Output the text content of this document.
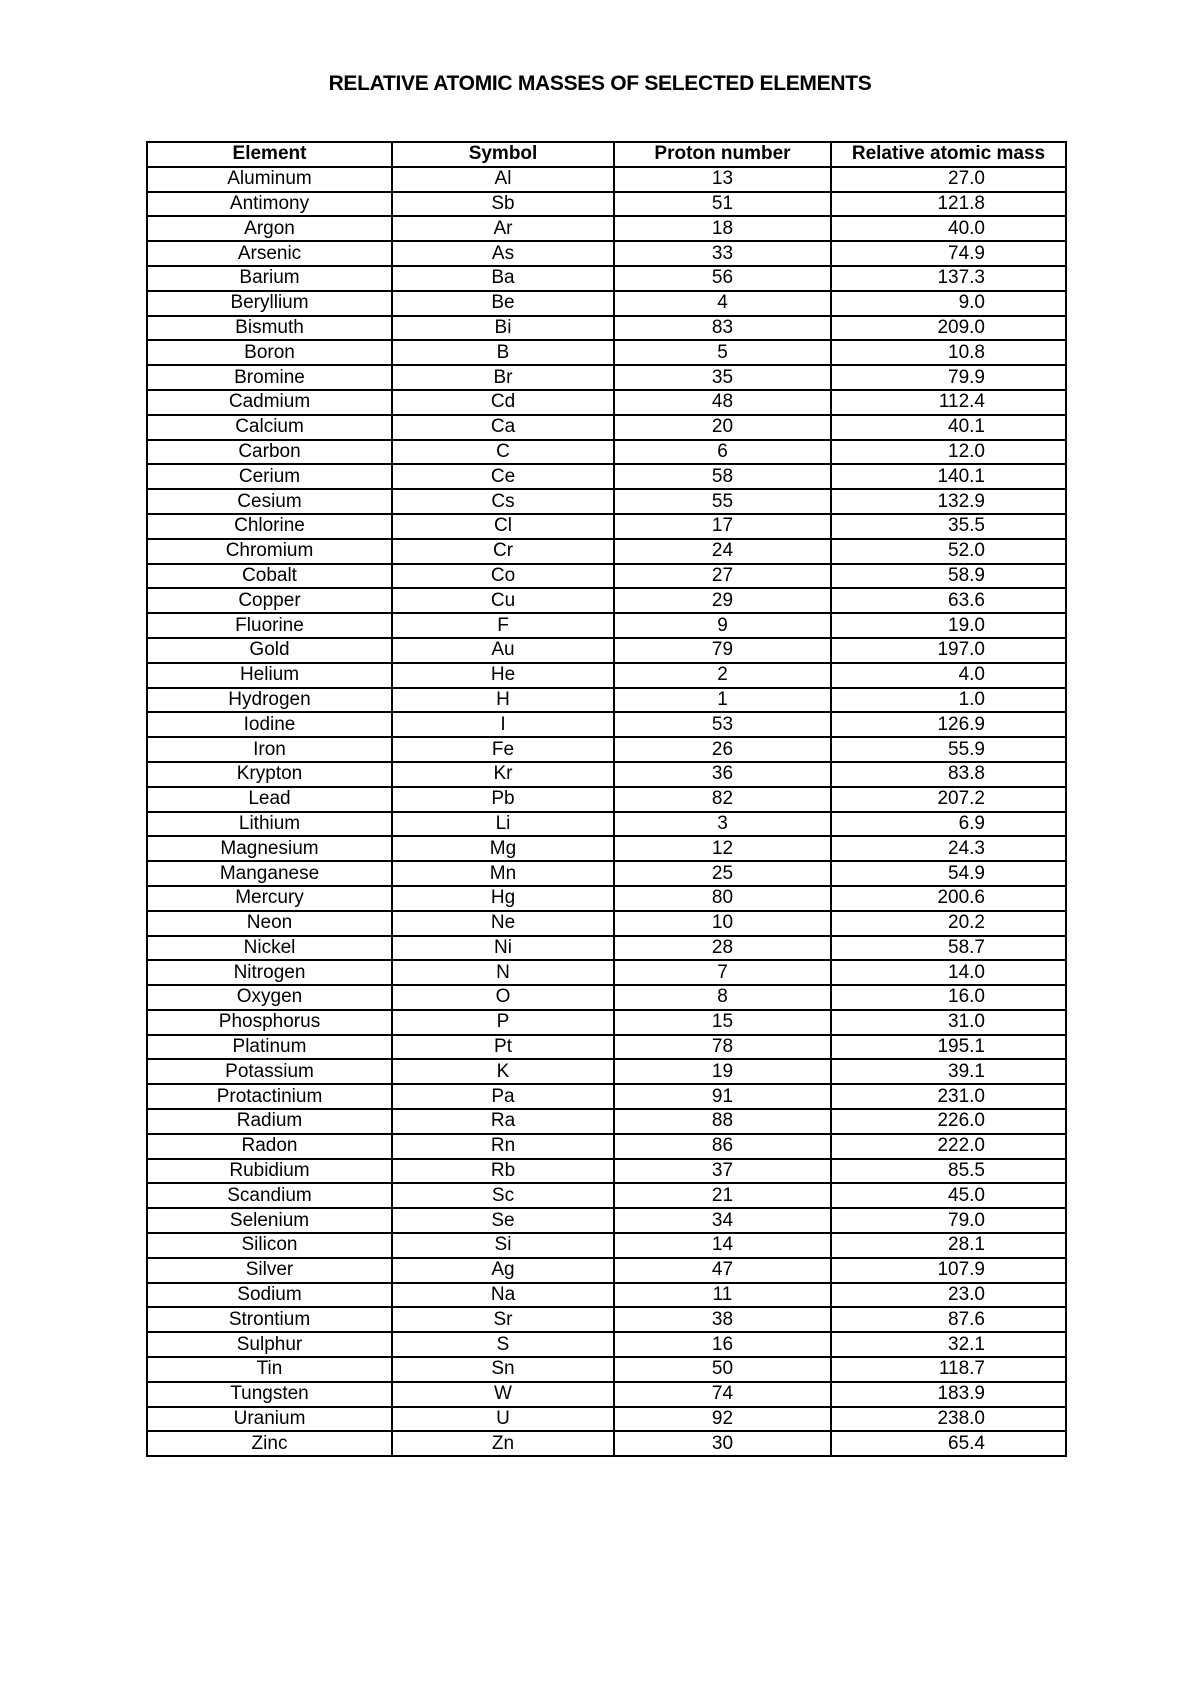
RELATIVE ATOMIC MASSES OF SELECTED ELEMENTS
Element	Symbol	Proton number	Relative atomic mass
Aluminum	Al	13	27.0
Antimony	Sb	51	121.8
Argon	Ar	18	40.0
Arsenic	As	33	74.9
Barium	Ba	56	137.3
Beryllium	Be	4	9.0
Bismuth	Bi	83	209.0
Boron	B	5	10.8
Bromine	Br	35	79.9
Cadmium	Cd	48	112.4
Calcium	Ca	20	40.1
Carbon	C	6	12.0
Cerium	Ce	58	140.1
Cesium	Cs	55	132.9
Chlorine	Cl	17	35.5
Chromium	Cr	24	52.0
Cobalt	Co	27	58.9
Copper	Cu	29	63.6
Fluorine	F	9	19.0
Gold	Au	79	197.0
Helium	He	2	4.0
Hydrogen	H	1	1.0
Iodine	I	53	126.9
Iron	Fe	26	55.9
Krypton	Kr	36	83.8
Lead	Pb	82	207.2
Lithium	Li	3	6.9
Magnesium	Mg	12	24.3
Manganese	Mn	25	54.9
Mercury	Hg	80	200.6
Neon	Ne	10	20.2
Nickel	Ni	28	58.7
Nitrogen	N	7	14.0
Oxygen	O	8	16.0
Phosphorus	P	15	31.0
Platinum	Pt	78	195.1
Potassium	K	19	39.1
Protactinium	Pa	91	231.0
Radium	Ra	88	226.0
Radon	Rn	86	222.0
Rubidium	Rb	37	85.5
Scandium	Sc	21	45.0
Selenium	Se	34	79.0
Silicon	Si	14	28.1
Silver	Ag	47	107.9
Sodium	Na	11	23.0
Strontium	Sr	38	87.6
Sulphur	S	16	32.1
Tin	Sn	50	118.7
Tungsten	W	74	183.9
Uranium	U	92	238.0
Zinc	Zn	30	65.4
